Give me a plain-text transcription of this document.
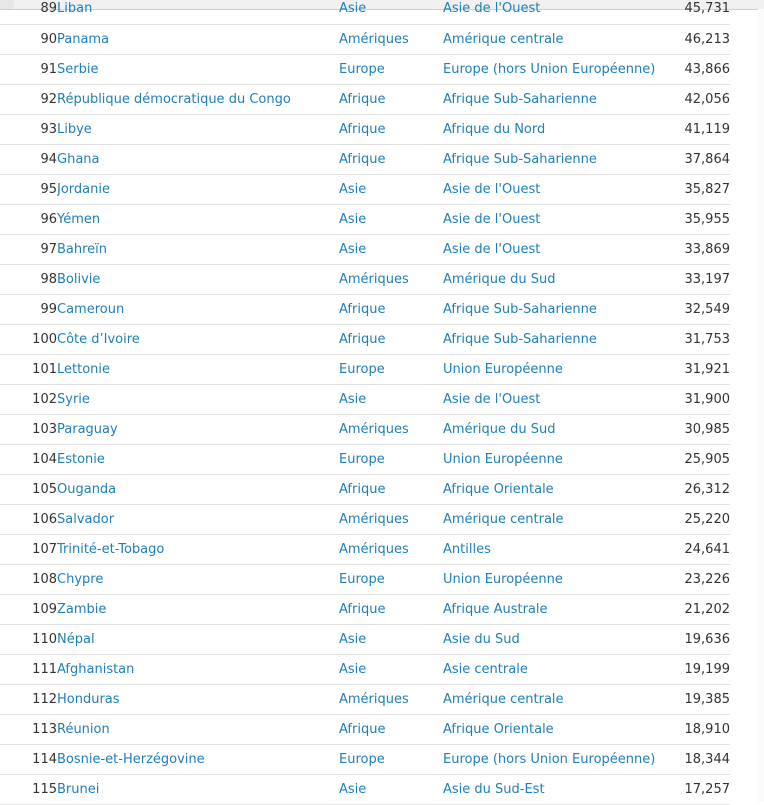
89	Liban	Asie	Asie de l'Ouest	45,731
90	Panama	Amériques	Amérique centrale	46,213
91	Serbie	Europe	Europe (hors Union Européenne)	43,866
92	République démocratique du Congo	Afrique	Afrique Sub-Saharienne	42,056
93	Libye	Afrique	Afrique du Nord	41,119
94	Ghana	Afrique	Afrique Sub-Saharienne	37,864
95	Jordanie	Asie	Asie de l'Ouest	35,827
96	Yémen	Asie	Asie de l'Ouest	35,955
97	Bahreïn	Asie	Asie de l'Ouest	33,869
98	Bolivie	Amériques	Amérique du Sud	33,197
99	Cameroun	Afrique	Afrique Sub-Saharienne	32,549
100	Côte d’Ivoire	Afrique	Afrique Sub-Saharienne	31,753
101	Lettonie	Europe	Union Européenne	31,921
102	Syrie	Asie	Asie de l'Ouest	31,900
103	Paraguay	Amériques	Amérique du Sud	30,985
104	Estonie	Europe	Union Européenne	25,905
105	Ouganda	Afrique	Afrique Orientale	26,312
106	Salvador	Amériques	Amérique centrale	25,220
107	Trinité-et-Tobago	Amériques	Antilles	24,641
108	Chypre	Europe	Union Européenne	23,226
109	Zambie	Afrique	Afrique Australe	21,202
110	Népal	Asie	Asie du Sud	19,636
111	Afghanistan	Asie	Asie centrale	19,199
112	Honduras	Amériques	Amérique centrale	19,385
113	Réunion	Afrique	Afrique Orientale	18,910
114	Bosnie-et-Herzégovine	Europe	Europe (hors Union Européenne)	18,344
115	Brunei	Asie	Asie du Sud-Est	17,257
